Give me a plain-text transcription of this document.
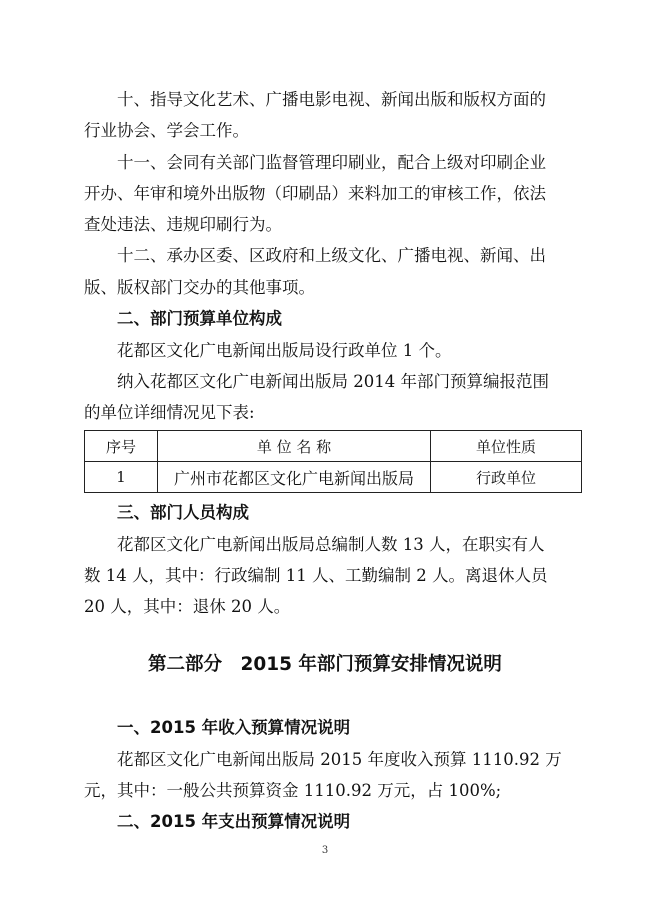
十、指导文化艺术、广播电影电视、新闻出版和版权方面的
行业协会、学会工作。
十一、会同有关部门监督管理印刷业，配合上级对印刷企业
开办、年审和境外出版物（印刷品）来料加工的审核工作，依法
查处违法、违规印刷行为。
十二、承办区委、区政府和上级文化、广播电视、新闻、出
版、版权部门交办的其他事项。
二、部门预算单位构成
花都区文化广电新闻出版局设行政单位 1 个。
纳入花都区文化广电新闻出版局 2014 年部门预算编报范围
的单位详细情况见下表:
序号	单 位 名 称	单位性质
1	广州市花都区文化广电新闻出版局	行政单位
三、部门人员构成
花都区文化广电新闻出版局总编制人数 13 人，在职实有人
数 14 人，其中：行政编制 11 人、工勤编制 2 人。离退休人员
20 人，其中：退休 20 人。
第二部分　2015 年部门预算安排情况说明
一、2015 年收入预算情况说明
花都区文化广电新闻出版局 2015 年度收入预算 1110.92 万
元，其中：一般公共预算资金 1110.92 万元，占 100%;
二、2015 年支出预算情况说明
3
